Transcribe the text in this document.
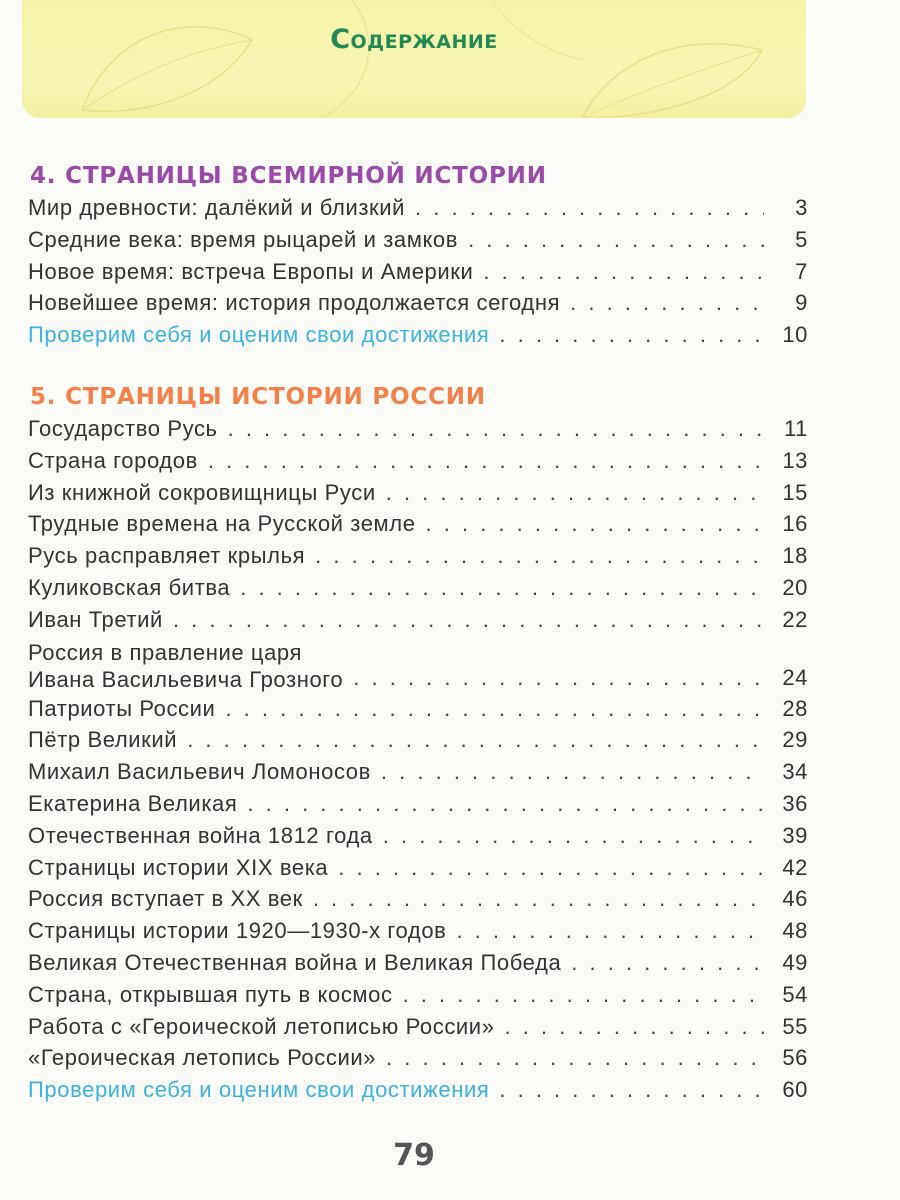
Содержание
4. СТРАНИЦЫ ВСЕМИРНОЙ ИСТОРИИ
Мир древности: далёкий и близкий . . .	3
Средние века: время рыцарей и замков . . .	5
Новое время: встреча Европы и Америки . . .	7
Новейшее время: история продолжается сегодня . . .	9
Проверим себя и оценим свои достижения . . .	10
5. СТРАНИЦЫ ИСТОРИИ РОССИИ
Государство Русь . . .	11
Страна городов . . .	13
Из книжной сокровищницы Руси . . .	15
Трудные времена на Русской земле . . .	16
Русь расправляет крылья . . .	18
Куликовская битва . . .	20
Иван Третий . . .	22
Россия в правление царя
Ивана Васильевича Грозного . . .	24
Патриоты России . . .	28
Пётр Великий . . .	29
Михаил Васильевич Ломоносов . . .	34
Екатерина Великая . . .	36
Отечественная война 1812 года . . .	39
Страницы истории XIX века . . .	42
Россия вступает в XX век . . .	46
Страницы истории 1920—1930-х годов . . .	48
Великая Отечественная война и Великая Победа . . .	49
Страна, открывшая путь в космос . . .	54
Работа с «Героической летописью России» . . .	55
«Героическая летопись России» . . .	56
Проверим себя и оценим свои достижения . . .	60
79
